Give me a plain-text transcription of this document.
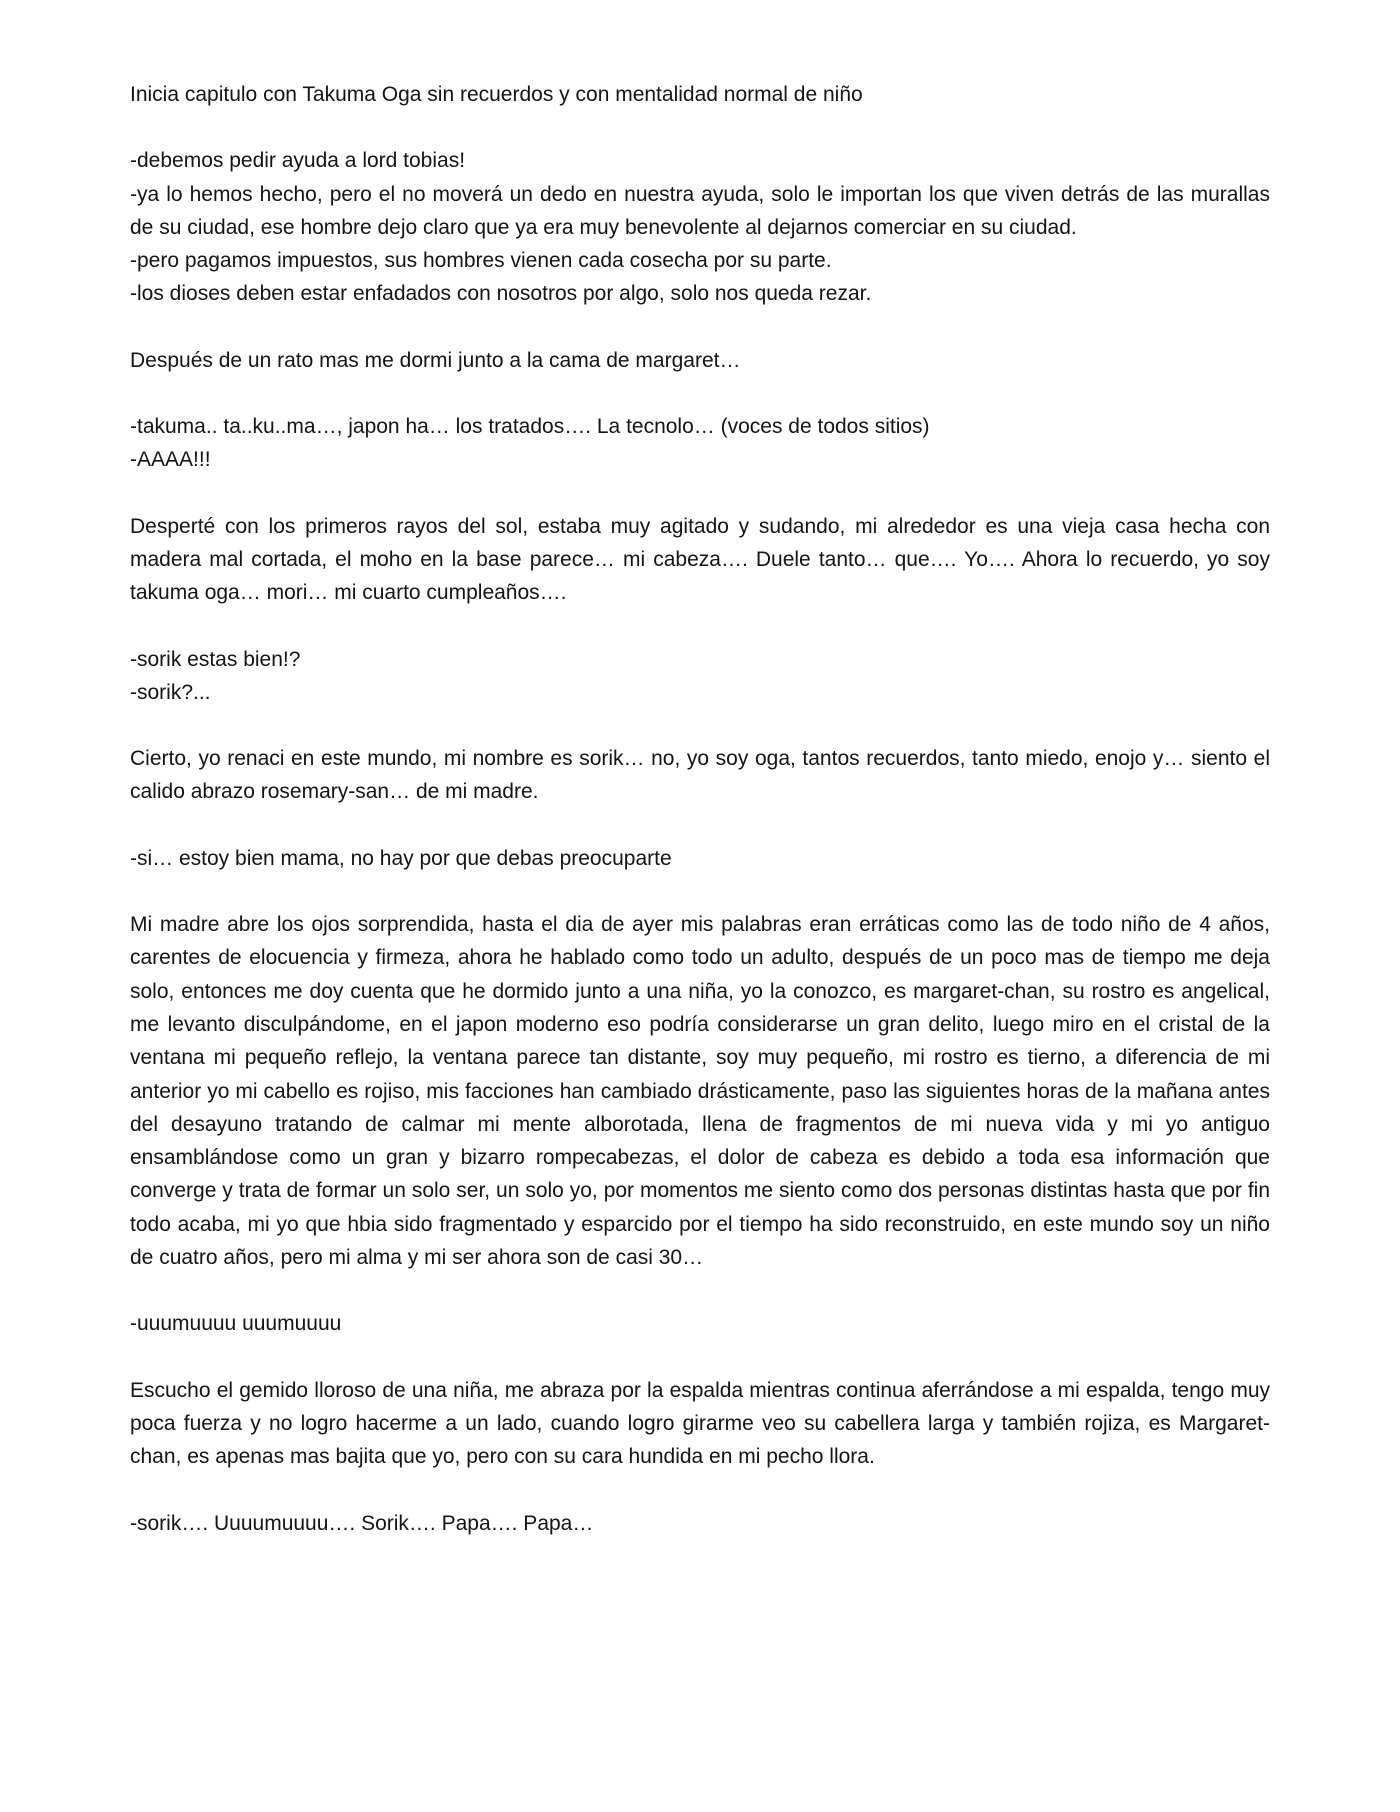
Inicia capitulo con Takuma Oga sin recuerdos y con mentalidad normal de niño
-debemos pedir ayuda a lord tobias!
-ya lo hemos hecho, pero el no moverá un dedo en nuestra ayuda, solo le importan los que viven detrás de las murallas de su ciudad, ese hombre dejo claro que ya era muy benevolente al dejarnos comerciar en su ciudad.
-pero pagamos impuestos, sus hombres vienen cada cosecha por su parte.
-los dioses deben estar enfadados con nosotros por algo, solo nos queda rezar.
Después de un rato mas me dormi junto a la cama de margaret…
-takuma.. ta..ku..ma…, japon ha… los tratados…. La tecnolo… (voces de todos sitios)
-AAAA!!!
Desperté con los primeros rayos del sol, estaba muy agitado y sudando, mi alrededor es una vieja casa hecha con madera mal cortada, el moho en la base parece… mi cabeza…. Duele tanto… que…. Yo…. Ahora lo recuerdo, yo soy takuma oga… mori… mi cuarto cumpleaños….
-sorik estas bien!?
-sorik?...
Cierto, yo renaci en este mundo, mi nombre es sorik… no, yo soy oga, tantos recuerdos, tanto miedo, enojo y… siento el calido abrazo rosemary-san… de mi madre.
-si… estoy bien mama, no hay por que debas preocuparte
Mi madre abre los ojos sorprendida, hasta el dia de ayer mis palabras eran erráticas como las de todo niño de 4 años, carentes de elocuencia y firmeza, ahora he hablado como todo un adulto, después de un poco mas de tiempo me deja solo, entonces me doy cuenta que he dormido junto a una niña, yo la conozco, es margaret-chan, su rostro es angelical, me levanto disculpándome, en el japon moderno eso podría considerarse un gran delito, luego miro en el cristal de la ventana mi pequeño reflejo, la ventana parece tan distante, soy muy pequeño, mi rostro es tierno, a diferencia de mi anterior yo mi cabello es rojiso, mis facciones han cambiado drásticamente, paso las siguientes horas de la mañana antes del desayuno tratando de calmar mi mente alborotada, llena de fragmentos de mi nueva vida y mi yo antiguo ensamblándose como un gran y bizarro rompecabezas, el dolor de cabeza es debido a toda esa información que converge y trata de formar un solo ser, un solo yo, por momentos me siento como dos personas distintas hasta que por fin todo acaba, mi yo que hbia sido fragmentado y esparcido por el tiempo ha sido reconstruido, en este mundo soy un niño de cuatro años, pero mi alma y mi ser ahora son de casi 30…
-uuumuuuu uuumuuuu
Escucho el gemido lloroso de una niña, me abraza por la espalda mientras continua aferrándose a mi espalda, tengo muy poca fuerza y no logro hacerme a un lado, cuando logro girarme veo su cabellera larga y también rojiza, es Margaret-chan, es apenas mas bajita que yo, pero con su cara hundida en mi pecho llora.
-sorik…. Uuuumuuuu…. Sorik…. Papa…. Papa…
